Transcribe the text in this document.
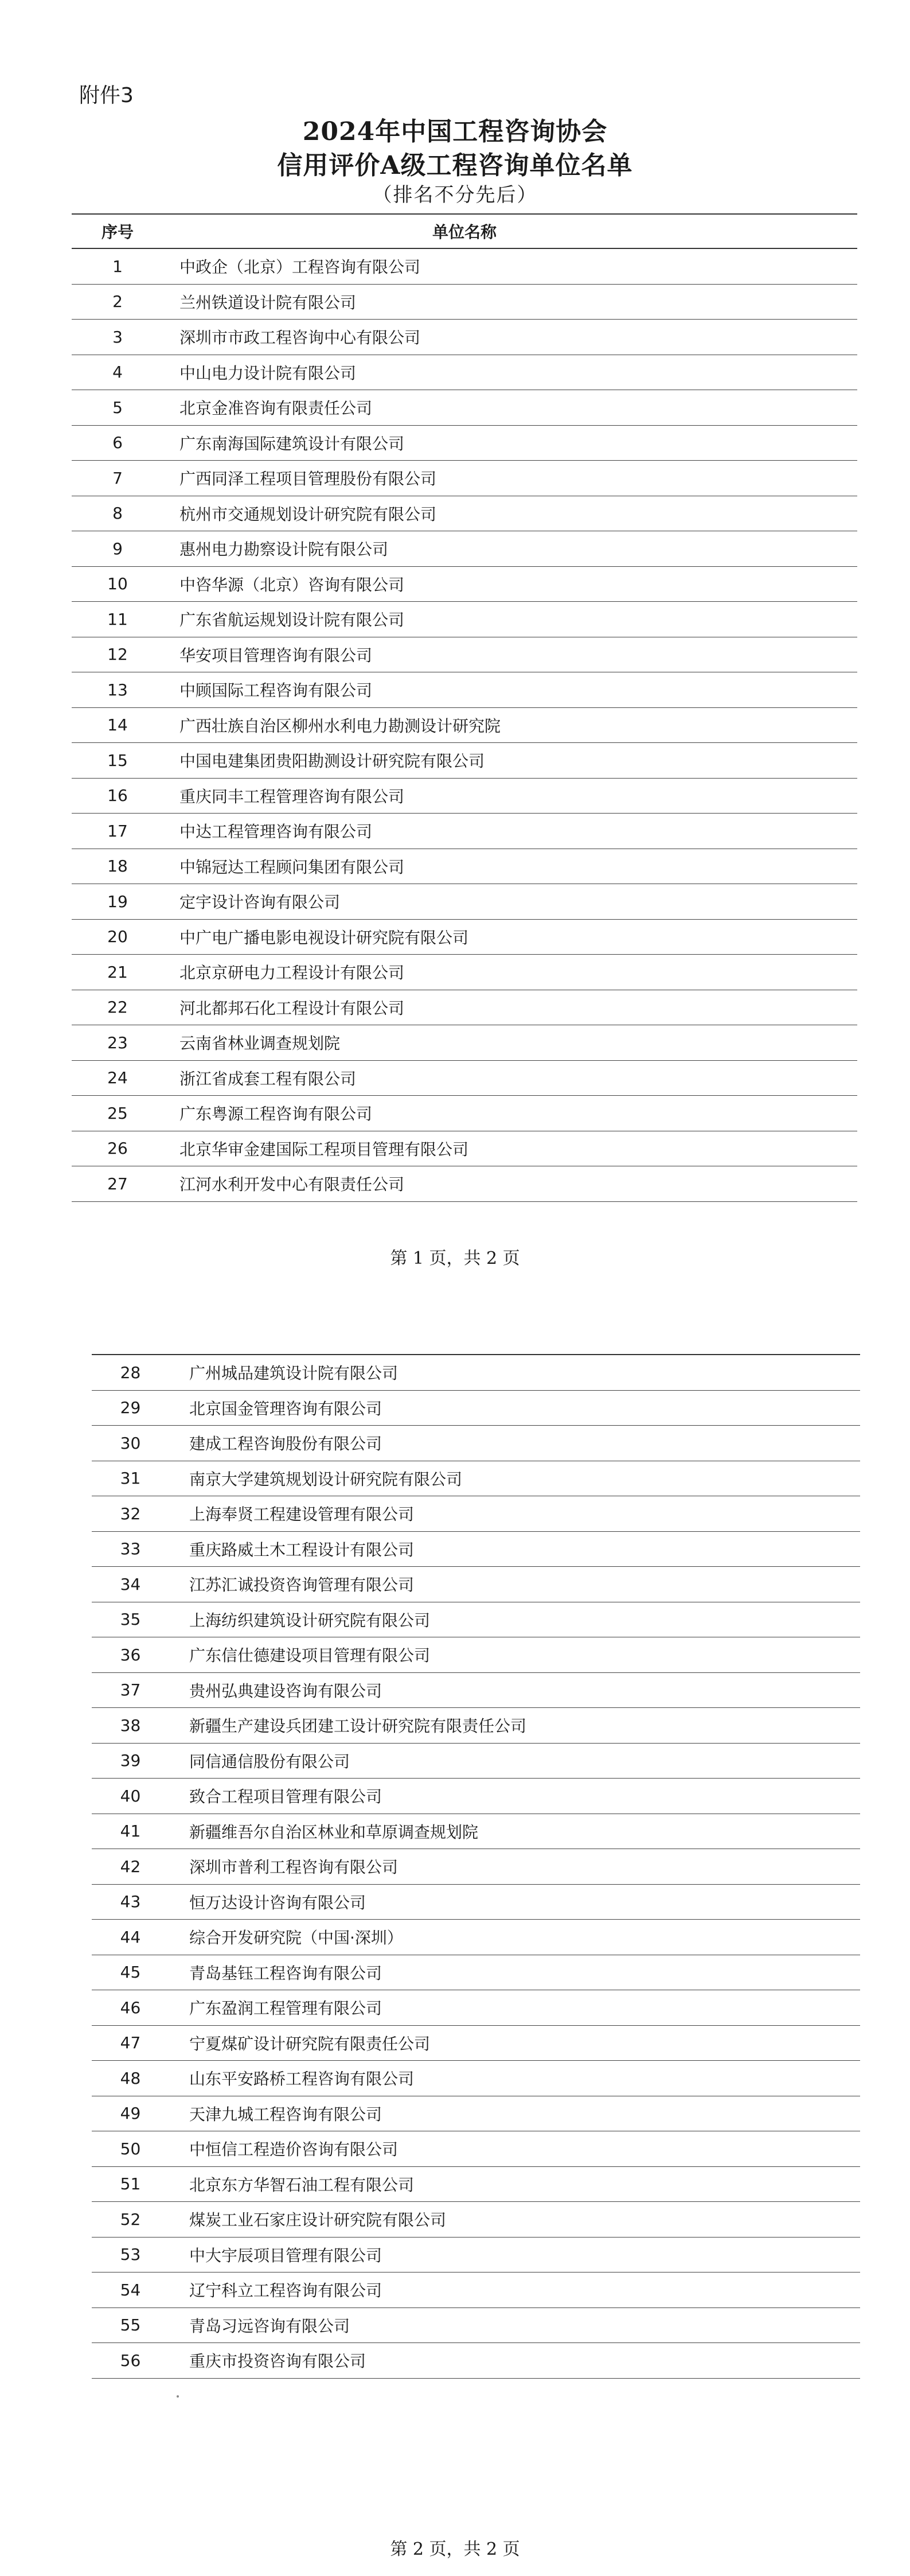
附件3
2024年中国工程咨询协会
信用评价A级工程咨询单位名单
（排名不分先后）
序号	单位名称
1	中政企（北京）工程咨询有限公司
2	兰州铁道设计院有限公司
3	深圳市市政工程咨询中心有限公司
4	中山电力设计院有限公司
5	北京金准咨询有限责任公司
6	广东南海国际建筑设计有限公司
7	广西同泽工程项目管理股份有限公司
8	杭州市交通规划设计研究院有限公司
9	惠州电力勘察设计院有限公司
10	中咨华源（北京）咨询有限公司
11	广东省航运规划设计院有限公司
12	华安项目管理咨询有限公司
13	中顾国际工程咨询有限公司
14	广西壮族自治区柳州水利电力勘测设计研究院
15	中国电建集团贵阳勘测设计研究院有限公司
16	重庆同丰工程管理咨询有限公司
17	中达工程管理咨询有限公司
18	中锦冠达工程顾问集团有限公司
19	定宇设计咨询有限公司
20	中广电广播电影电视设计研究院有限公司
21	北京京研电力工程设计有限公司
22	河北都邦石化工程设计有限公司
23	云南省林业调查规划院
24	浙江省成套工程有限公司
25	广东粤源工程咨询有限公司
26	北京华审金建国际工程项目管理有限公司
27	江河水利开发中心有限责任公司
第 1 页，共 2 页
28	广州城品建筑设计院有限公司
29	北京国金管理咨询有限公司
30	建成工程咨询股份有限公司
31	南京大学建筑规划设计研究院有限公司
32	上海奉贤工程建设管理有限公司
33	重庆路威土木工程设计有限公司
34	江苏汇诚投资咨询管理有限公司
35	上海纺织建筑设计研究院有限公司
36	广东信仕德建设项目管理有限公司
37	贵州弘典建设咨询有限公司
38	新疆生产建设兵团建工设计研究院有限责任公司
39	同信通信股份有限公司
40	致合工程项目管理有限公司
41	新疆维吾尔自治区林业和草原调查规划院
42	深圳市普利工程咨询有限公司
43	恒万达设计咨询有限公司
44	综合开发研究院（中国·深圳）
45	青岛基钰工程咨询有限公司
46	广东盈润工程管理有限公司
47	宁夏煤矿设计研究院有限责任公司
48	山东平安路桥工程咨询有限公司
49	天津九城工程咨询有限公司
50	中恒信工程造价咨询有限公司
51	北京东方华智石油工程有限公司
52	煤炭工业石家庄设计研究院有限公司
53	中大宇辰项目管理有限公司
54	辽宁科立工程咨询有限公司
55	青岛习远咨询有限公司
56	重庆市投资咨询有限公司
第 2 页，共 2 页
